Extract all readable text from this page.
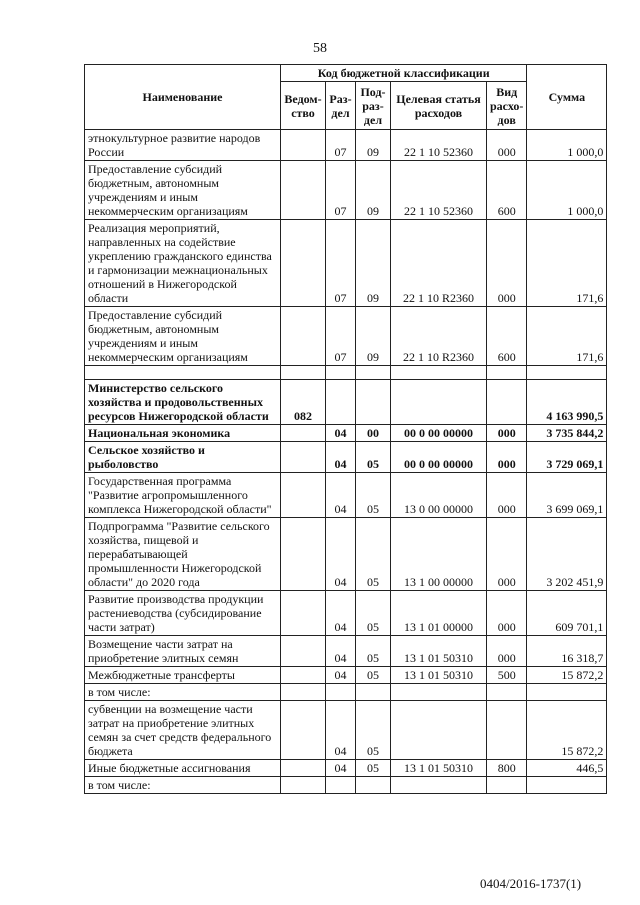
58
Наименование	Код бюджетной классификации					Сумма
	Ведом-ство	Раз-дел	Под-раз-дел	Целевая статья расходов	Вид расхо-дов	
этнокультурное развитие народов России		07	09	22 1 10 52360	000	1 000,0
Предоставление субсидий бюджетным, автономным учреждениям и иным некоммерческим организациям		07	09	22 1 10 52360	600	1 000,0
Реализация мероприятий, направленных на содействие укреплению гражданского единства и гармонизации межнациональных отношений в Нижегородской области		07	09	22 1 10 R2360	000	171,6
Предоставление субсидий бюджетным, автономным учреждениям и иным некоммерческим организациям		07	09	22 1 10 R2360	600	171,6

Министерство сельского хозяйства и продовольственных ресурсов Нижегородской области	082					4 163 990,5
Национальная экономика		04	00	00 0 00 00000	000	3 735 844,2
Сельское хозяйство и рыболовство		04	05	00 0 00 00000	000	3 729 069,1
Государственная программа "Развитие агропромышленного комплекса Нижегородской области"		04	05	13 0 00 00000	000	3 699 069,1
Подпрограмма "Развитие сельского хозяйства, пищевой и перерабатывающей промышленности Нижегородской области" до 2020 года		04	05	13 1 00 00000	000	3 202 451,9
Развитие производства продукции растениеводства (субсидирование части затрат)		04	05	13 1 01 00000	000	609 701,1
Возмещение части затрат на приобретение элитных семян		04	05	13 1 01 50310	000	16 318,7
Межбюджетные трансферты		04	05	13 1 01 50310	500	15 872,2
в том числе:						
субвенции на возмещение части затрат на приобретение элитных семян за счет средств федерального бюджета		04	05			15 872,2
Иные бюджетные ассигнования		04	05	13 1 01 50310	800	446,5
в том числе:						
0404/2016-1737(1)
